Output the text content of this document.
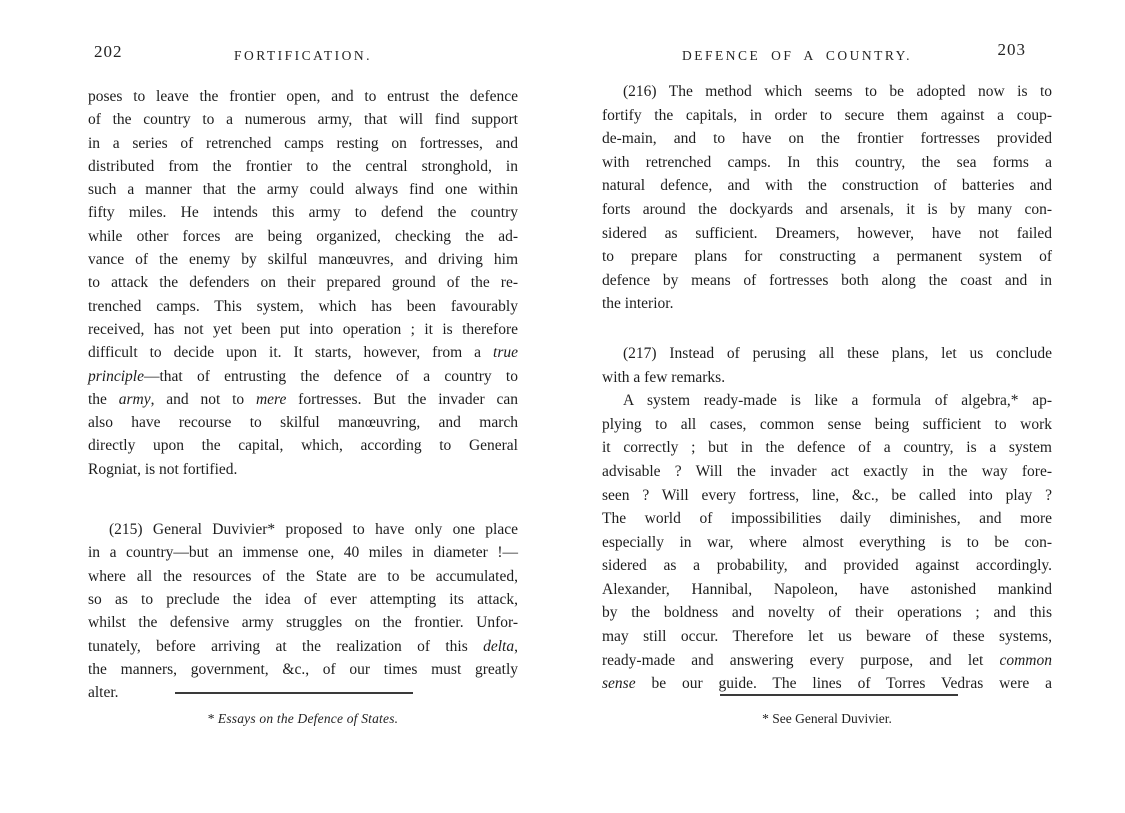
202	FORTIFICATION.
poses to leave the frontier open, and to entrust the defence
of the country to a numerous army, that will find support
in a series of retrenched camps resting on fortresses, and
distributed from the frontier to the central stronghold, in
such a manner that the army could always find one within
fifty miles. He intends this army to defend the country
while other forces are being organized, checking the ad-
vance of the enemy by skilful manœuvres, and driving him
to attack the defenders on their prepared ground of the re-
trenched camps. This system, which has been favourably
received, has not yet been put into operation ; it is therefore
difficult to decide upon it. It starts, however, from a true
principle—that of entrusting the defence of a country to
the army, and not to mere fortresses. But the invader can
also have recourse to skilful manœuvring, and march
directly upon the capital, which, according to General
Rogniat, is not fortified.
(215) General Duvivier* proposed to have only one place
in a country—but an immense one, 40 miles in diameter !—
where all the resources of the State are to be accumulated,
so as to preclude the idea of ever attempting its attack,
whilst the defensive army struggles on the frontier. Unfor-
tunately, before arriving at the realization of this delta,
the manners, government, &c., of our times must greatly
alter.
* Essays on the Defence of States.
DEFENCE OF A COUNTRY.	203
(216) The method which seems to be adopted now is to
fortify the capitals, in order to secure them against a coup-
de-main, and to have on the frontier fortresses provided
with retrenched camps. In this country, the sea forms a
natural defence, and with the construction of batteries and
forts around the dockyards and arsenals, it is by many con-
sidered as sufficient. Dreamers, however, have not failed
to prepare plans for constructing a permanent system of
defence by means of fortresses both along the coast and in
the interior.
(217) Instead of perusing all these plans, let us conclude
with a few remarks.
A system ready-made is like a formula of algebra,* ap-
plying to all cases, common sense being sufficient to work
it correctly ; but in the defence of a country, is a system
advisable ? Will the invader act exactly in the way fore-
seen ? Will every fortress, line, &c., be called into play ?
The world of impossibilities daily diminishes, and more
especially in war, where almost everything is to be con-
sidered as a probability, and provided against accordingly.
Alexander, Hannibal, Napoleon, have astonished mankind
by the boldness and novelty of their operations ; and this
may still occur. Therefore let us beware of these systems,
ready-made and answering every purpose, and let common
sense be our guide. The lines of Torres Vedras were a
* See General Duvivier.
